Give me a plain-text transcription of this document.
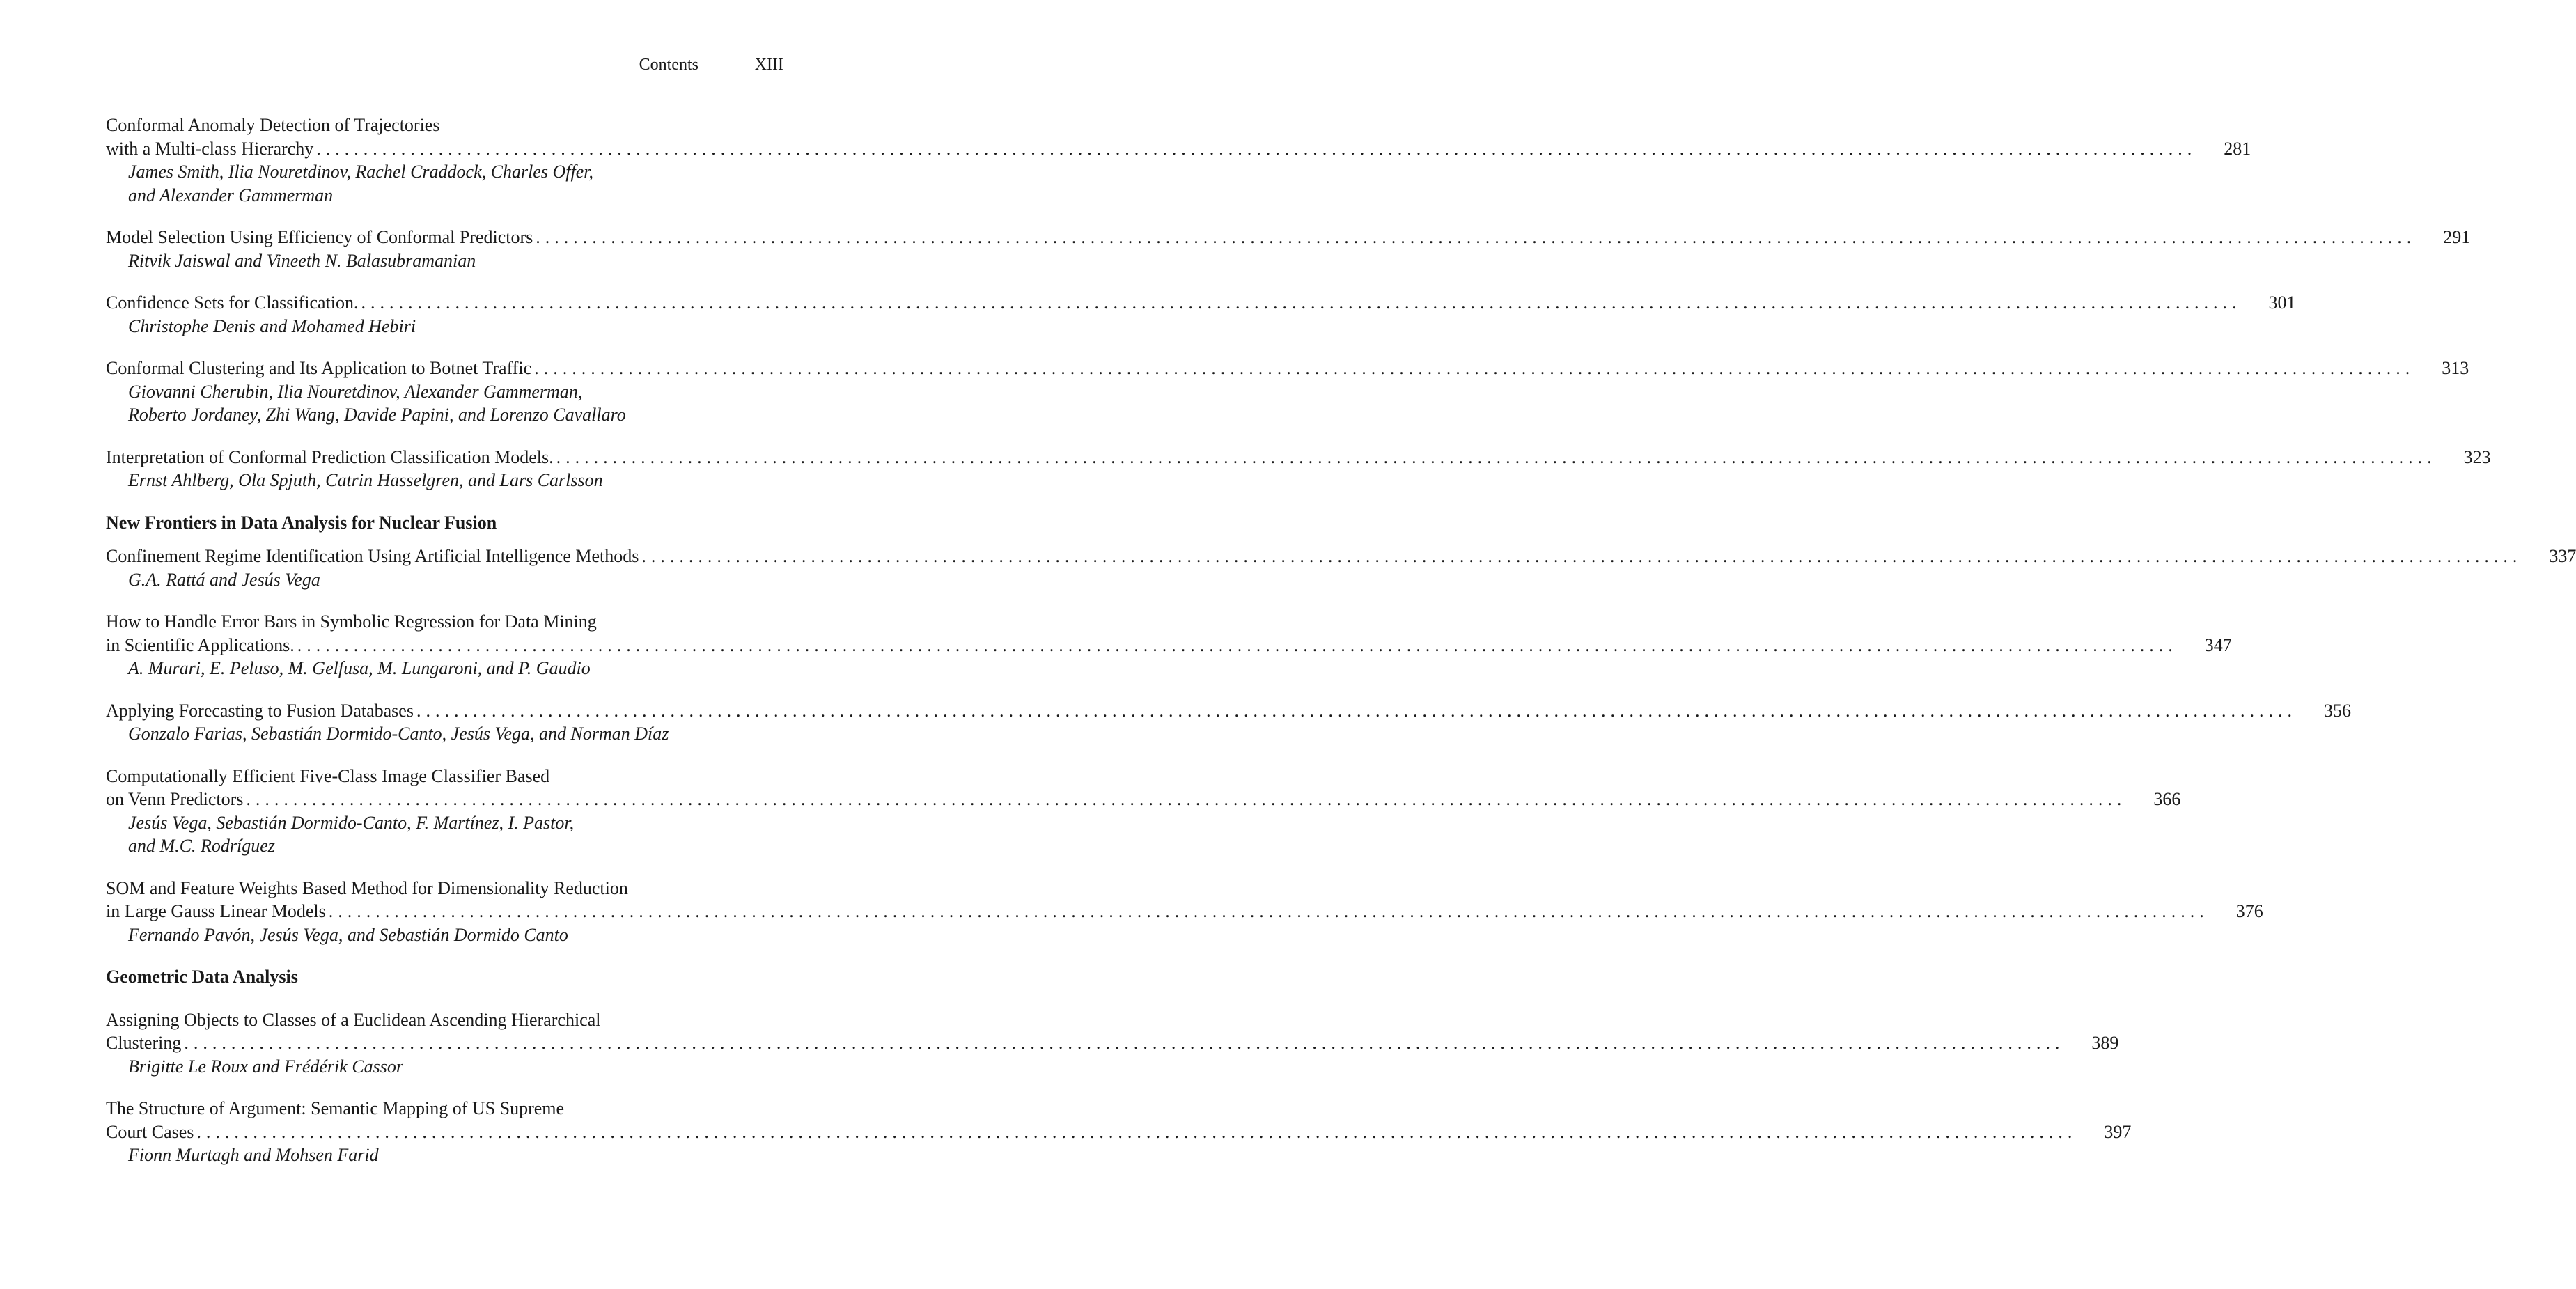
Contents	XIII
Conformal Anomaly Detection of Trajectories
with a Multi-class Hierarchy ........................................................................................................................................................................................................	281
James Smith, Ilia Nouretdinov, Rachel Craddock, Charles Offer,
and Alexander Gammerman
Model Selection Using Efficiency of Conformal Predictors ........................................................................................................................................................................................................	291
Ritvik Jaiswal and Vineeth N. Balasubramanian
Confidence Sets for Classification. ........................................................................................................................................................................................................	301
Christophe Denis and Mohamed Hebiri
Conformal Clustering and Its Application to Botnet Traffic ........................................................................................................................................................................................................	313
Giovanni Cherubin, Ilia Nouretdinov, Alexander Gammerman,
Roberto Jordaney, Zhi Wang, Davide Papini, and Lorenzo Cavallaro
Interpretation of Conformal Prediction Classification Models. ........................................................................................................................................................................................................	323
Ernst Ahlberg, Ola Spjuth, Catrin Hasselgren, and Lars Carlsson
New Frontiers in Data Analysis for Nuclear Fusion
Confinement Regime Identification Using Artificial Intelligence Methods ........................................................................................................................................................................................................	337
G.A. Rattá and Jesús Vega
How to Handle Error Bars in Symbolic Regression for Data Mining
in Scientific Applications. ........................................................................................................................................................................................................	347
A. Murari, E. Peluso, M. Gelfusa, M. Lungaroni, and P. Gaudio
Applying Forecasting to Fusion Databases ........................................................................................................................................................................................................	356
Gonzalo Farias, Sebastián Dormido-Canto, Jesús Vega, and Norman Díaz
Computationally Efficient Five-Class Image Classifier Based
on Venn Predictors ........................................................................................................................................................................................................	366
Jesús Vega, Sebastián Dormido-Canto, F. Martínez, I. Pastor,
and M.C. Rodríguez
SOM and Feature Weights Based Method for Dimensionality Reduction
in Large Gauss Linear Models ........................................................................................................................................................................................................	376
Fernando Pavón, Jesús Vega, and Sebastián Dormido Canto
Geometric Data Analysis
Assigning Objects to Classes of a Euclidean Ascending Hierarchical
Clustering ........................................................................................................................................................................................................	389
Brigitte Le Roux and Frédérik Cassor
The Structure of Argument: Semantic Mapping of US Supreme
Court Cases ........................................................................................................................................................................................................	397
Fionn Murtagh and Mohsen Farid
